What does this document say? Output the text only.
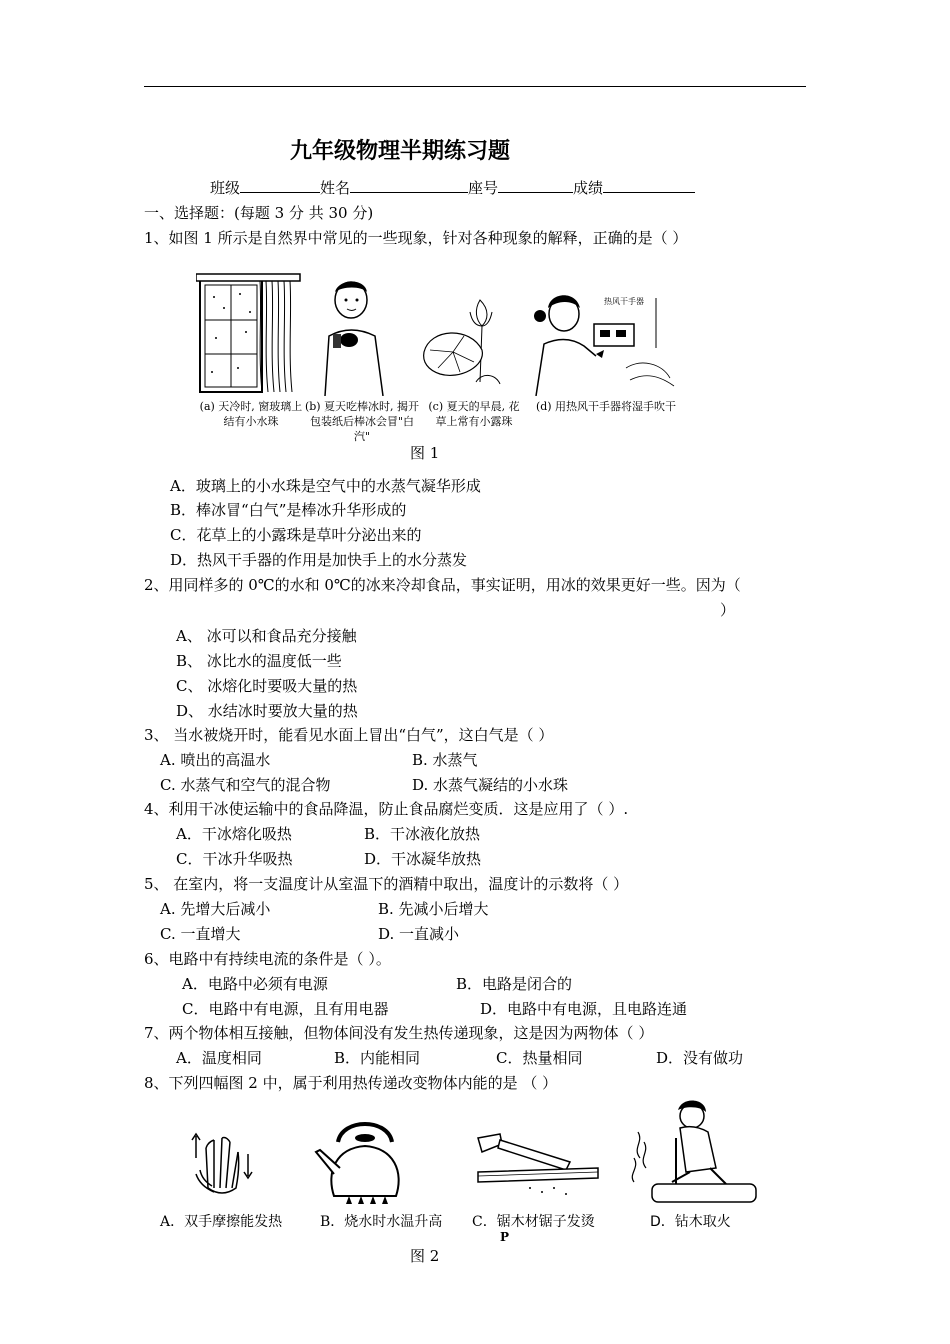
九年级物理半期练习题
班级	姓名	座号	成绩
一、选择题：(每题 3 分 共 30 分)
1、如图 1 所示是自然界中常见的一些现象，针对各种现象的解释，正确的是（ ）
热风干手器
(a) 天冷时, 窗玻璃上
结有小水珠
(b) 夏天吃棒冰时, 揭开
包装纸后棒冰会冒"白汽"
(c) 夏天的早晨, 花
草上常有小露珠
(d) 用热风干手器将湿手吹干
图 1
A．玻璃上的小水珠是空气中的水蒸气凝华形成
B．棒冰冒“白气”是棒冰升华形成的
C．花草上的小露珠是草叶分泌出来的
D．热风干手器的作用是加快手上的水分蒸发
2、用同样多的 0℃的水和 0℃的冰来冷却食品，事实证明，用冰的效果更好一些。因为（
）
A、 冰可以和食品充分接触
B、 冰比水的温度低一些
C、 冰熔化时要吸大量的热
D、 水结冰时要放大量的热
3、 当水被烧开时，能看见水面上冒出“白气”，这白气是（ ）
A. 喷出的高温水	B. 水蒸气
C. 水蒸气和空气的混合物	D. 水蒸气凝结的小水珠
4、利用干冰使运输中的食品降温，防止食品腐烂变质．这是应用了（ ）.
A．干冰熔化吸热	B．干冰液化放热
C．干冰升华吸热	D．干冰凝华放热
5、 在室内，将一支温度计从室温下的酒精中取出，温度计的示数将（ ）
A. 先增大后减小	B. 先减小后增大
C. 一直增大	D. 一直减小
6、电路中有持续电流的条件是（ ）。
A．电路中必须有电源	B．电路是闭合的
C．电路中有电源，且有用电器	D．电路中有电源，且电路连通
7、两个物体相互接触，但物体间没有发生热传递现象，这是因为两物体（ ）
A．温度相同	B．内能相同	C．热量相同	D．没有做功
8、下列四幅图 2 中，属于利用热传递改变物体内能的是 （ ）
A．双手摩擦能发热	B．烧水时水温升高 C．锯木材锯子发烫	D．钻木取火
P
图 2
